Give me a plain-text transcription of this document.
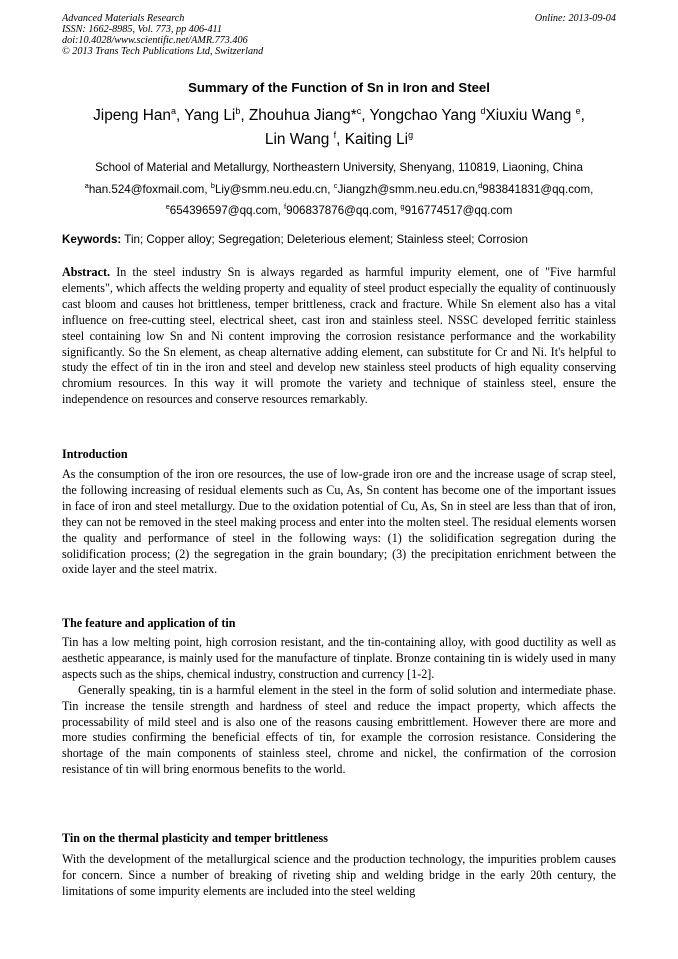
Advanced Materials Research
ISSN: 1662-8985, Vol. 773, pp 406-411
doi:10.4028/www.scientific.net/AMR.773.406
© 2013 Trans Tech Publications Ltd, Switzerland
Online: 2013-09-04
Summary of the Function of Sn in Iron and Steel
Jipeng Han$^a$, Yang Li$^b$, Zhouhua Jiang*$^c$, Yongchao Yang $^d$Xiuxiu Wang $^e$,
Lin Wang $^f$, Kaiting Li$^g$
School of Material and Metallurgy, Northeastern University, Shenyang, 110819, Liaoning, China
$^a$han.524@foxmail.com, $^b$Liy@smm.neu.edu.cn, $^c$Jiangzh@smm.neu.edu.cn,$^d$983841831@qq.com,
$^e$654396597@qq.com, $^f$906837876@qq.com, $^g$916774517@qq.com
Keywords: Tin; Copper alloy; Segregation; Deleterious element; Stainless steel; Corrosion

Abstract. In the steel industry Sn is always regarded as harmful impurity element, one of "Five harmful elements", which affects the welding property and equality of steel product especially the equality of continuously cast bloom and causes hot brittleness, temper brittleness, crack and fracture. While Sn element also has a vital influence on free-cutting steel, electrical sheet, cast iron and stainless steel. NSSC developed ferritic stainless steel containing low Sn and Ni content improving the corrosion resistance performance and the workability significantly. So the Sn element, as cheap alternative adding element, can substitute for Cr and Ni. It's helpful to study the effect of tin in the iron and steel and develop new stainless steel products of high equality conserving chromium resources. In this way it will promote the variety and technique of stainless steel, ensure the independence on resources and conserve resources remarkably.

Introduction

As the consumption of the iron ore resources, the use of low-grade iron ore and the increase usage of scrap steel, the following increasing of residual elements such as Cu, As, Sn content has become one of the important issues in face of iron and steel metallurgy. Due to the oxidation potential of Cu, As, Sn in steel are less than that of iron, they can not be removed in the steel making process and enter into the molten steel. The residual elements worsen the quality and performance of steel in the following ways: (1) the solidification segregation during the solidification process; (2) the segregation in the grain boundary; (3) the precipitation enrichment between the oxide layer and the steel matrix.

The feature and application of tin

Tin has a low melting point, high corrosion resistant, and the tin-containing alloy, with good ductility as well as aesthetic appearance, is mainly used for the manufacture of tinplate. Bronze containing tin is widely used in many aspects such as the ships, chemical industry, construction and currency [1-2].

Generally speaking, tin is a harmful element in the steel in the form of solid solution and intermediate phase. Tin increase the tensile strength and hardness of steel and reduce the impact property, which affects the processability of mild steel and is also one of the reasons causing embrittlement. However there are more and more studies confirming the beneficial effects of tin, for example the corrosion resistance. Considering the shortage of the main components of stainless steel, chrome and nickel, the confirmation of the corrosion resistance of tin will bring enormous benefits to the world.

Tin on the thermal plasticity and temper brittleness

With the development of the metallurgical science and the production technology, the impurities problem causes for concern. Since a number of breaking of riveting ship and welding bridge in the early 20th century, the limitations of some impurity elements are included into the steel welding
